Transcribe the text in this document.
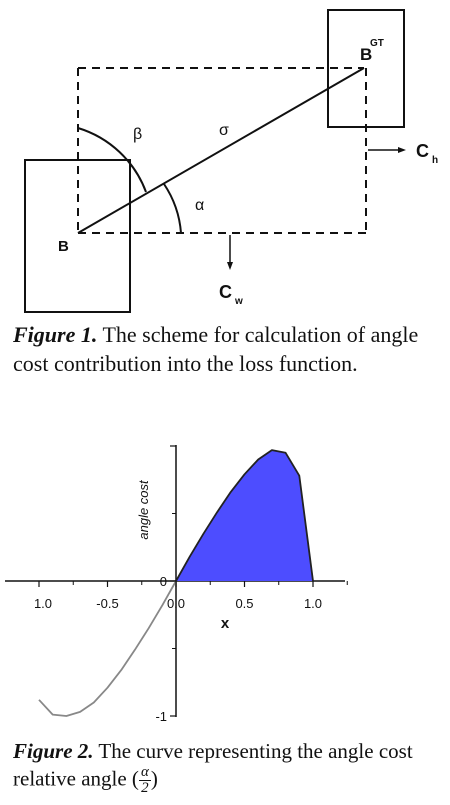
B
B
GT
β	σ
α
C h
C w
Figure 1. The scheme for calculation of angle cost contribution into the loss function.
1.0	-0.5	0.0	0.5	1.0
0
-1
angle cost
x
Figure 2. The curve representing the angle cost relative angle ( $\frac{\alpha}{2}$ )
